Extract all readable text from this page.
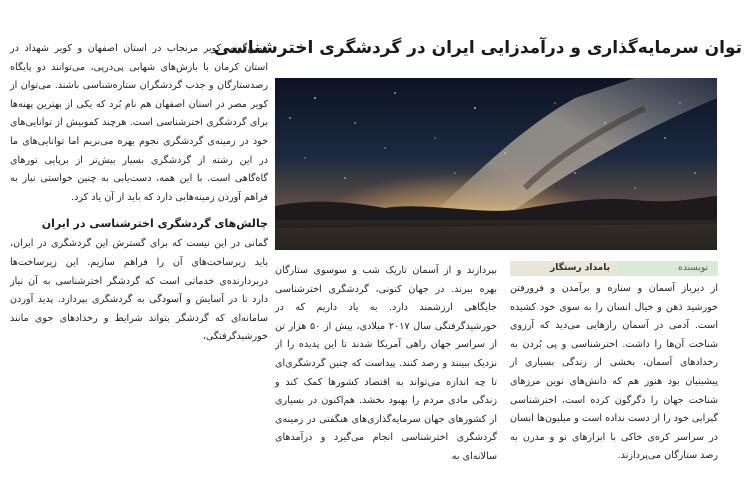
توان سرمایه‌گذاری و درآمدزایی ایران در گردشگری اخترشناسی

همین‌گونه، کویر مرنجاب در استان اصفهان و کویر شهداد در استان کرمان با بارش‌های شهابی پی‌درپی، می‌توانند دو پایگاه رصدستارگان و جذب گردشگران ستاره‌شناسی باشند. می‌توان از کویر مصر در استان اصفهان هم نام بُرد که یکی از بهترین پهنه‌ها برای گردشگری اخترشناسی است. هرچند کموبیش از توانایی‌های خود در زمینه‌ی گردشگری نجوم بهره می‌بریم اما توانایی‌های ما در این رشته از گردشگری بسیار بیش‌تر از برپایی تورهای گاه‌گاهی است. با این همه، دست‌یابی به چنین خواستی نیاز به فراهم آوردن زمینه‌هایی دارد که باید از آن یاد کرد.

چالش‌های گردشگری اخترشناسی در ایران

گمانی در این نیست که برای گسترش این گردشگری در ایران، باید زیرساخت‌های آن را فراهم سازیم. این زیرساخت‌ها دربردارنده‌ی خدماتی است که گردشگر اخترشناسی به آن نیاز دارد تا در آسایش و آسودگی به گردشگری بپردازد. پدید آوردن سامانه‌ای که گردشگر بتواند شرایط و رخدادهای جوی مانند خورشیدگرفتگی،

نویسنده
بامداد رستگار

بپردازند و از آسمان تاریک شب و سوسوی ستارگان بهره ببرند. در جهان کنونی، گردشگری اخترشناسی جایگاهی ارزشمند دارد. به یاد داریم که در خورشیدگرفتگی سال ۲۰۱۷ میلادی، بیش از ۵۰ هزار تن از سراسر جهان راهی آمریکا شدند تا این پدیده را از نزدیک ببینند و رصد کنند. پیداست که چنین گردشگری‌ای تا چه اندازه می‌تواند به اقتصاد کشورها کمک کند و زندگی مادی مردم را بهبود بخشد. هم‌اکنون در بسیاری از کشورهای جهان سرمایه‌گذاری‌های هنگفتی در زمینه‌ی گردشگری اخترشناسی انجام می‌گیرد و درآمدهای سالانه‌ای به

از دیرباز آسمان و ستاره و برآمدن و فرورفتن خورشید ذهن و خیال انسان را به سوی خود کشیده است. آدمی در آسمان رازهایی می‌دید که آرزوی شناخت آن‌ها را داشت. اخترشناسی و پی بُردن به رخدادهای آسمان، بخشی از زندگی بسیاری از پیشینیان بود هنوز هم که دانش‌های نوین مرزهای شناخت جهان را دگرگون کرده است، اخترشناسی گیرایی خود را از دست نداده است و میلیون‌ها انسان در سراسر کره‌ی خاکی با ابزارهای نو و مدرن به رصد ستارگان می‌پردازند.
